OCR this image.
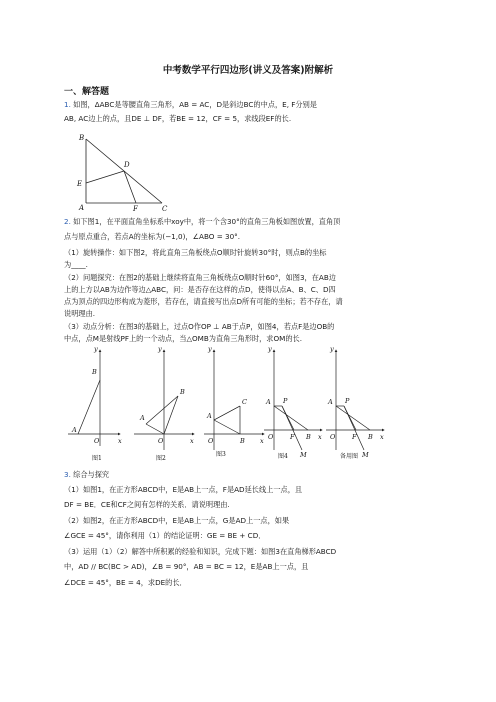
中考数学平行四边形(讲义及答案)附解析
一、解答题
1. 如图，ΔABC是等腰直角三角形，AB = AC，D是斜边BC的中点，E, F分别是
AB, AC边上的点，且DE ⊥ DF，若BE = 12，CF = 5，求线段EF的长.
B
D
E
A	F	C
2. 如下图1，在平面直角坐标系中xoy中，将一个含30°的直角三角板如图放置，直角顶
点与原点重合，若点A的坐标为(−1,0)，∠ABO = 30°.
（1）旋转操作：如下图2，将此直角三角板绕点O顺时针旋转30°时，则点B的坐标
为____.
（2）问题探究：在图2的基础上继续将直角三角板绕点O顺时针60°，如图3，在AB边
上的上方以AB为边作等边△ABC，问：是否存在这样的点D，使得以点A、B、C、D四
点为顶点的四边形构成为菱形，若存在，请直接写出点D所有可能的坐标；若不存在，请
说明理由.
（3）动点分析：在图3的基础上，过点O作OP ⊥ AB于点P，如图4，若点F是边OB的
中点，点M是射线PF上的一个动点，当△OMB为直角三角形时，求OM的长.
y
B
A
O	x
y
B
A
O	x
y
C
A
O	B x
y
A P
O	F B x
M
y
A P
O	F B x
M
图1	图2
图3	图4	备用图
3. 综合与探究
（1）如图1，在正方形ABCD中，E是AB上一点，F是AD延长线上一点，且
DF = BE．CE和CF之间有怎样的关系．请说明理由.
（2）如图2，在正方形ABCD中，E是AB上一点，G是AD上一点，如果
∠GCE = 45°，请你利用（1）的结论证明：GE = BE + CD．
（3）运用（1）（2）解答中所积累的经验和知识，完成下题：如图3在直角梯形ABCD
中，AD // BC(BC > AD)，∠B = 90°，AB = BC = 12，E是AB上一点，且
∠DCE = 45°，BE = 4，求DE的长．
